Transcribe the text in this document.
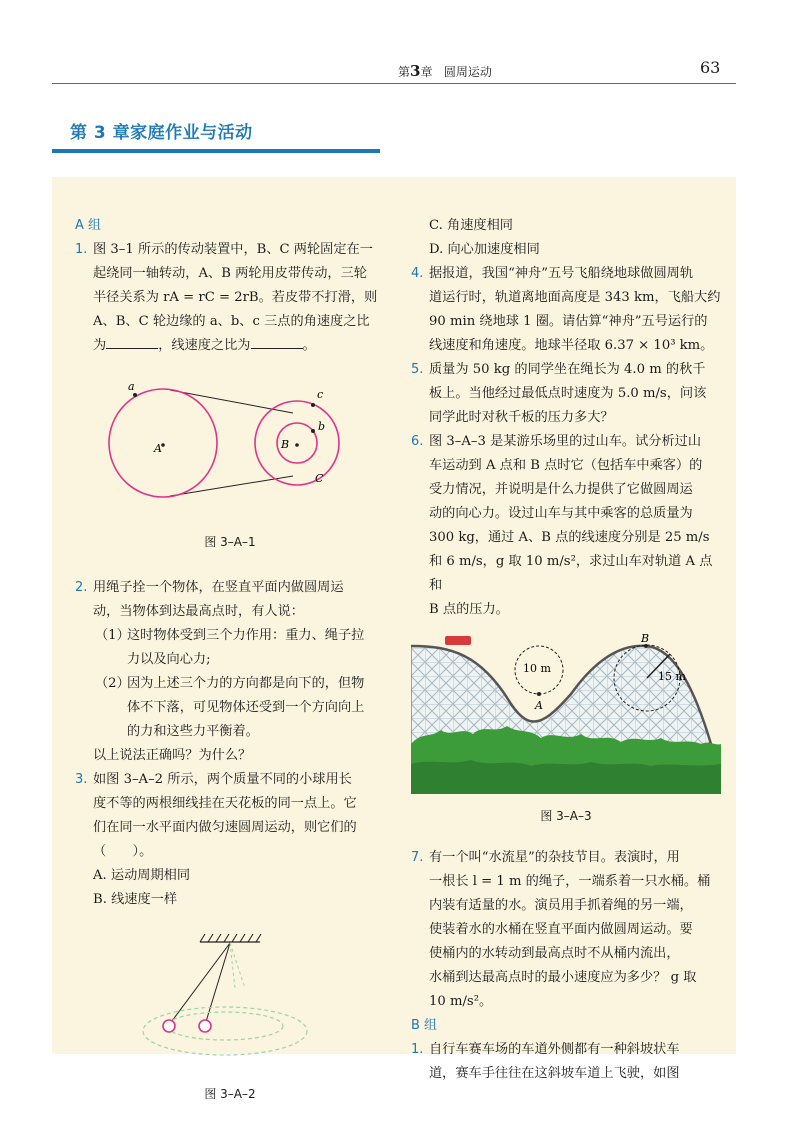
第3章 圆周运动	63
第 3 章家庭作业与活动
A 组
1. 图 3–1 所示的传动装置中，B、C 两轮固定在一
起绕同一轴转动，A、B 两轮用皮带传动，三轮
半径关系为 rA = rC = 2rB。若皮带不打滑，则
A、B、C 轮边缘的 a、b、c 三点的角速度之比
为	，线速度之比为	。
a
A	B
b
c
C
图 3–A–1
2. 用绳子拴一个物体，在竖直平面内做圆周运
动，当物体到达最高点时，有人说：
（1）
这时物体受到三个力作用：重力、绳子拉
力以及向心力;
（2）
因为上述三个力的方向都是向下的，但物
体不下落，可见物体还受到一个方向向上
的力和这些力平衡着。
以上说法正确吗？为什么？
3. 如图 3–A–2 所示，两个质量不同的小球用长
度不等的两根细线挂在天花板的同一点上。它
们在同一水平面内做匀速圆周运动，则它们的
（　　）。
A. 运动周期相同
B. 线速度一样
图 3–A–2
C. 角速度相同
D. 向心加速度相同
4. 据报道，我国“神舟”五号飞船绕地球做圆周轨
道运行时，轨道离地面高度是 343 km，飞船大约
90 min 绕地球 1 圈。请估算“神舟”五号运行的
线速度和角速度。地球半径取 6.37 × 10³ km。
5. 质量为 50 kg 的同学坐在绳长为 4.0 m 的秋千
板上。当他经过最低点时速度为 5.0 m/s，问该
同学此时对秋千板的压力多大？
6. 图 3–A–3 是某游乐场里的过山车。试分析过山
车运动到 A 点和 B 点时它（包括车中乘客）的
受力情况，并说明是什么力提供了它做圆周运
动的向心力。设过山车与其中乘客的总质量为
300 kg，通过 A、B 点的线速度分别是 25 m/s
和 6 m/s，g 取 10 m/s²，求过山车对轨道 A 点和
B 点的压力。
10 m
15 m
A
B
图 3–A–3
7. 有一个叫“水流星”的杂技节目。表演时，用
一根长 l = 1 m 的绳子，一端系着一只水桶。桶
内装有适量的水。演员用手抓着绳的另一端，
使装着水的水桶在竖直平面内做圆周运动。要
使桶内的水转动到最高点时不从桶内流出，
水桶到达最高点时的最小速度应为多少？ g 取
10 m/s²。
B 组
1. 自行车赛车场的车道外侧都有一种斜坡状车
道，赛车手往往在这斜坡车道上飞驶，如图
